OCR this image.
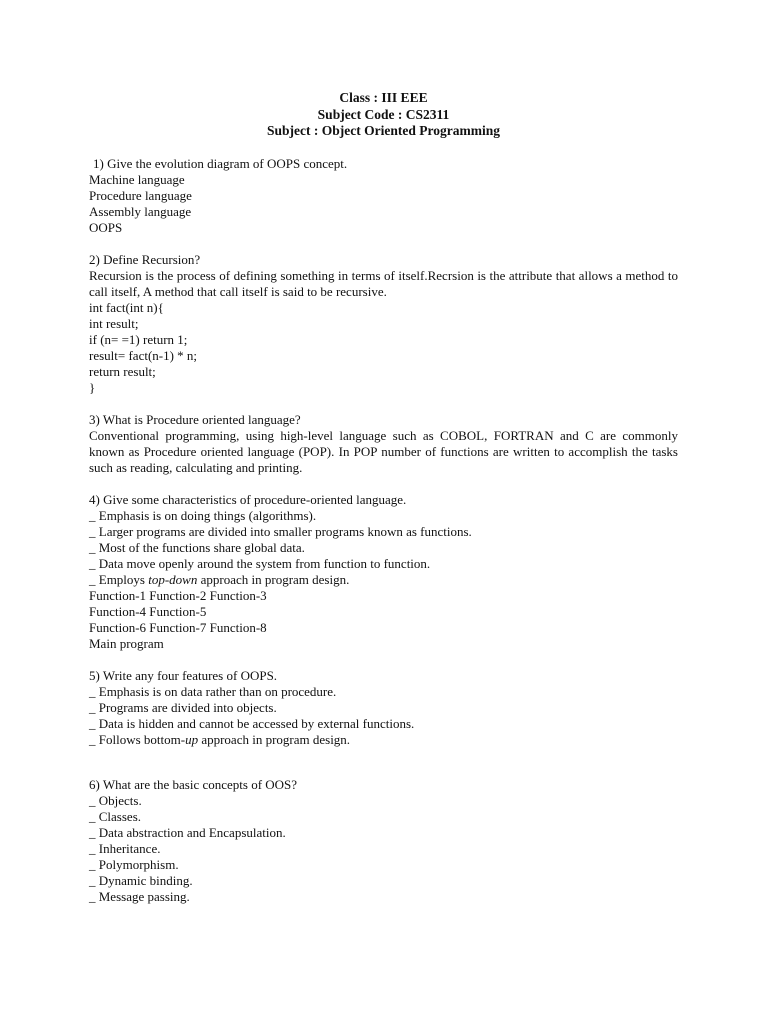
Class : III EEE
Subject Code : CS2311
Subject : Object Oriented Programming
1) Give the evolution diagram of OOPS concept.
Machine language
Procedure language
Assembly language
OOPS
2) Define Recursion?
Recursion is the process of defining something in terms of itself.Recrsion is the attribute that allows a method to call itself, A method that call itself is said to be recursive.
int fact(int n){
int result;
if (n= =1) return 1;
result= fact(n-1) * n;
return result;
}
3) What is Procedure oriented language?
Conventional programming, using high-level language such as COBOL, FORTRAN and C are commonly known as Procedure oriented language (POP). In POP number of functions are written to accomplish the tasks such as reading, calculating and printing.
4) Give some characteristics of procedure-oriented language.
_ Emphasis is on doing things (algorithms).
_ Larger programs are divided into smaller programs known as functions.
_ Most of the functions share global data.
_ Data move openly around the system from function to function.
_ Employs top-down approach in program design.
Function-1 Function-2 Function-3
Function-4 Function-5
Function-6 Function-7 Function-8
Main program
5) Write any four features of OOPS.
_ Emphasis is on data rather than on procedure.
_ Programs are divided into objects.
_ Data is hidden and cannot be accessed by external functions.
_ Follows bottom-up approach in program design.
6) What are the basic concepts of OOS?
_ Objects.
_ Classes.
_ Data abstraction and Encapsulation.
_ Inheritance.
_ Polymorphism.
_ Dynamic binding.
_ Message passing.
